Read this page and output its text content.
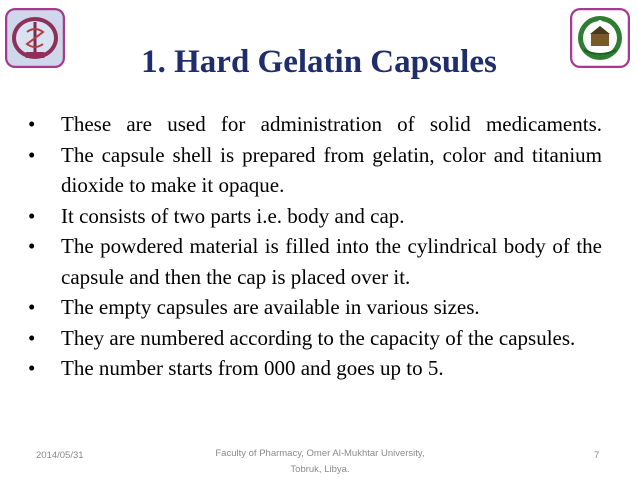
1. Hard Gelatin Capsules
• These are used for administration of solid medicaments.
• The capsule shell is prepared from gelatin, color and titanium dioxide to make it opaque.
• It consists of two parts i.e. body and cap.
• The powdered material is filled into the cylindrical body of the capsule and then the cap is placed over it.
• The empty capsules are available in various sizes.
• They are numbered according to the capacity of the capsules.
• The number starts from 000 and goes up to 5.
2014/05/31	Faculty of Pharmacy, Omer Al-Mukhtar University,
Tobruk, Libya.
7
